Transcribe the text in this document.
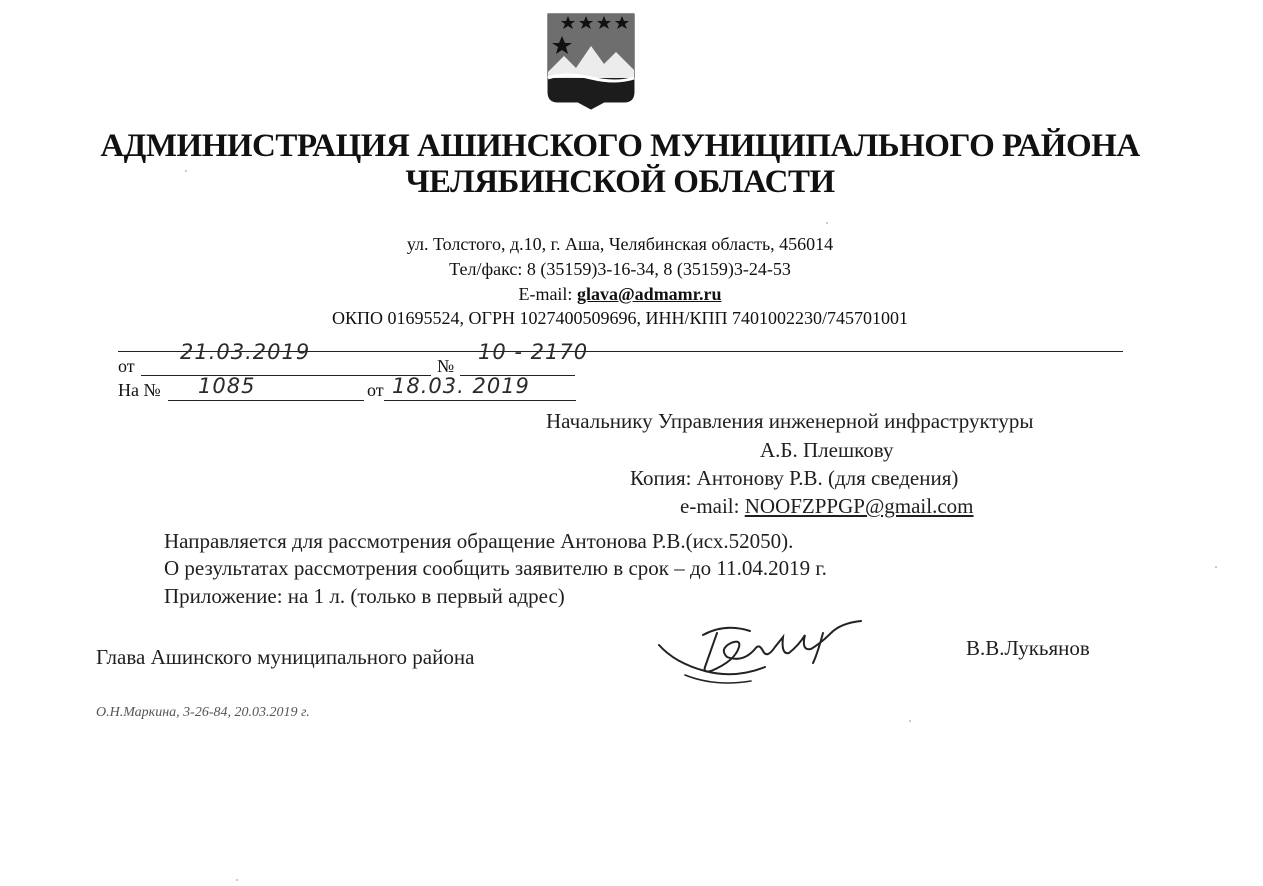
АДМИНИСТРАЦИЯ АШИНСКОГО МУНИЦИПАЛЬНОГО РАЙОНА
ЧЕЛЯБИНСКОЙ ОБЛАСТИ
ул. Толстого, д.10, г. Аша, Челябинская область, 456014
Тел/факс: 8 (35159)3-16-34, 8 (35159)3-24-53
E-mail: glava@admamr.ru
ОКПО 01695524, ОГРН 1027400509696, ИНН/КПП 7401002230/745701001
от
21.03.2019
№
10 - 2170
На № 1085	от 18.03. 2019
Начальнику Управления инженерной инфраструктуры
А.Б. Плешкову
Копия: Антонову Р.В. (для сведения)
e-mail: NOOFZPPGP@gmail.com
Направляется для рассмотрения обращение Антонова Р.В.(исх.52050).
О результатах рассмотрения сообщить заявителю в срок – до 11.04.2019 г.
Приложение: на 1 л. (только в первый адрес)
Глава Ашинского муниципального района	В.В.Лукьянов
О.Н.Маркина, 3-26-84, 20.03.2019 г.
